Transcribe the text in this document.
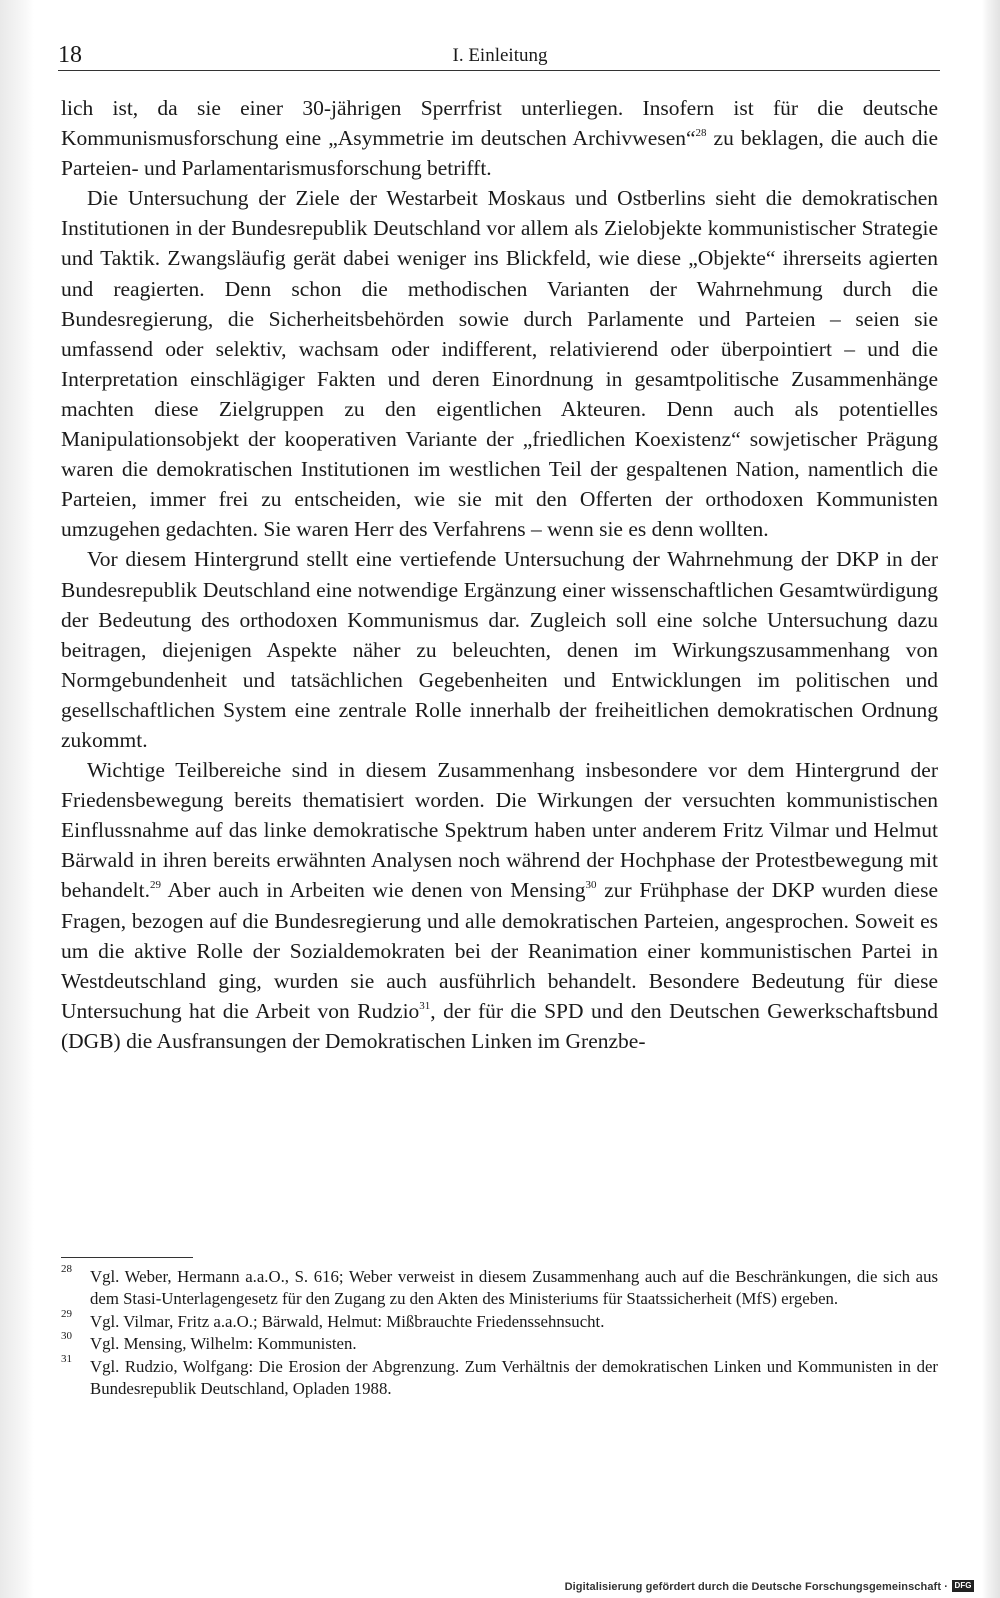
18	I. Einleitung

lich ist, da sie einer 30-jährigen Sperrfrist unterliegen. Insofern ist für die deutsche Kommunismusforschung eine „Asymmetrie im deutschen Archivwesen“$^{28}$ zu beklagen, die auch die Parteien- und Parlamentarismusforschung betrifft.

Die Untersuchung der Ziele der Westarbeit Moskaus und Ostberlins sieht die demokratischen Institutionen in der Bundesrepublik Deutschland vor allem als Zielobjekte kommunistischer Strategie und Taktik. Zwangsläufig gerät dabei weniger ins Blickfeld, wie diese „Objekte“ ihrerseits agierten und reagierten. Denn schon die methodischen Varianten der Wahrnehmung durch die Bundesregierung, die Sicherheitsbehörden sowie durch Parlamente und Parteien – seien sie umfassend oder selektiv, wachsam oder indifferent, relativierend oder überpointiert – und die Interpretation einschlägiger Fakten und deren Einordnung in gesamtpolitische Zusammenhänge machten diese Zielgruppen zu den eigentlichen Akteuren. Denn auch als potentielles Manipulationsobjekt der kooperativen Variante der „friedlichen Koexistenz“ sowjetischer Prägung waren die demokratischen Institutionen im westlichen Teil der gespaltenen Nation, namentlich die Parteien, immer frei zu entscheiden, wie sie mit den Offerten der orthodoxen Kommunisten umzugehen gedachten. Sie waren Herr des Verfahrens – wenn sie es denn wollten.

Vor diesem Hintergrund stellt eine vertiefende Untersuchung der Wahrnehmung der DKP in der Bundesrepublik Deutschland eine notwendige Ergänzung einer wissenschaftlichen Gesamtwürdigung der Bedeutung des orthodoxen Kommunismus dar. Zugleich soll eine solche Untersuchung dazu beitragen, diejenigen Aspekte näher zu beleuchten, denen im Wirkungszusammenhang von Normgebundenheit und tatsächlichen Gegebenheiten und Entwicklungen im politischen und gesellschaftlichen System eine zentrale Rolle innerhalb der freiheitlichen demokratischen Ordnung zukommt.

Wichtige Teilbereiche sind in diesem Zusammenhang insbesondere vor dem Hintergrund der Friedensbewegung bereits thematisiert worden. Die Wirkungen der versuchten kommunistischen Einflussnahme auf das linke demokratische Spektrum haben unter anderem Fritz Vilmar und Helmut Bärwald in ihren bereits erwähnten Analysen noch während der Hochphase der Protestbewegung mit behandelt.$^{29}$ Aber auch in Arbeiten wie denen von Mensing$^{30}$ zur Frühphase der DKP wurden diese Fragen, bezogen auf die Bundesregierung und alle demokratischen Parteien, angesprochen. Soweit es um die aktive Rolle der Sozialdemokraten bei der Reanimation einer kommunistischen Partei in Westdeutschland ging, wurden sie auch ausführlich behandelt. Besondere Bedeutung für diese Untersuchung hat die Arbeit von Rudzio$^{31}$, der für die SPD und den Deutschen Gewerkschaftsbund (DGB) die Ausfransungen der Demokratischen Linken im Grenzbe-

28 Vgl. Weber, Hermann a.a.O., S. 616; Weber verweist in diesem Zusammenhang auch auf die Beschränkungen, die sich aus dem Stasi-Unterlagengesetz für den Zugang zu den Akten des Ministeriums für Staatssicherheit (MfS) ergeben.
29 Vgl. Vilmar, Fritz a.a.O.; Bärwald, Helmut: Mißbrauchte Friedenssehnsucht.
30 Vgl. Mensing, Wilhelm: Kommunisten.
31 Vgl. Rudzio, Wolfgang: Die Erosion der Abgrenzung. Zum Verhältnis der demokratischen Linken und Kommunisten in der Bundesrepublik Deutschland, Opladen 1988.
Digitalisierung gefördert durch die Deutsche Forschungsgemeinschaft · DFG
